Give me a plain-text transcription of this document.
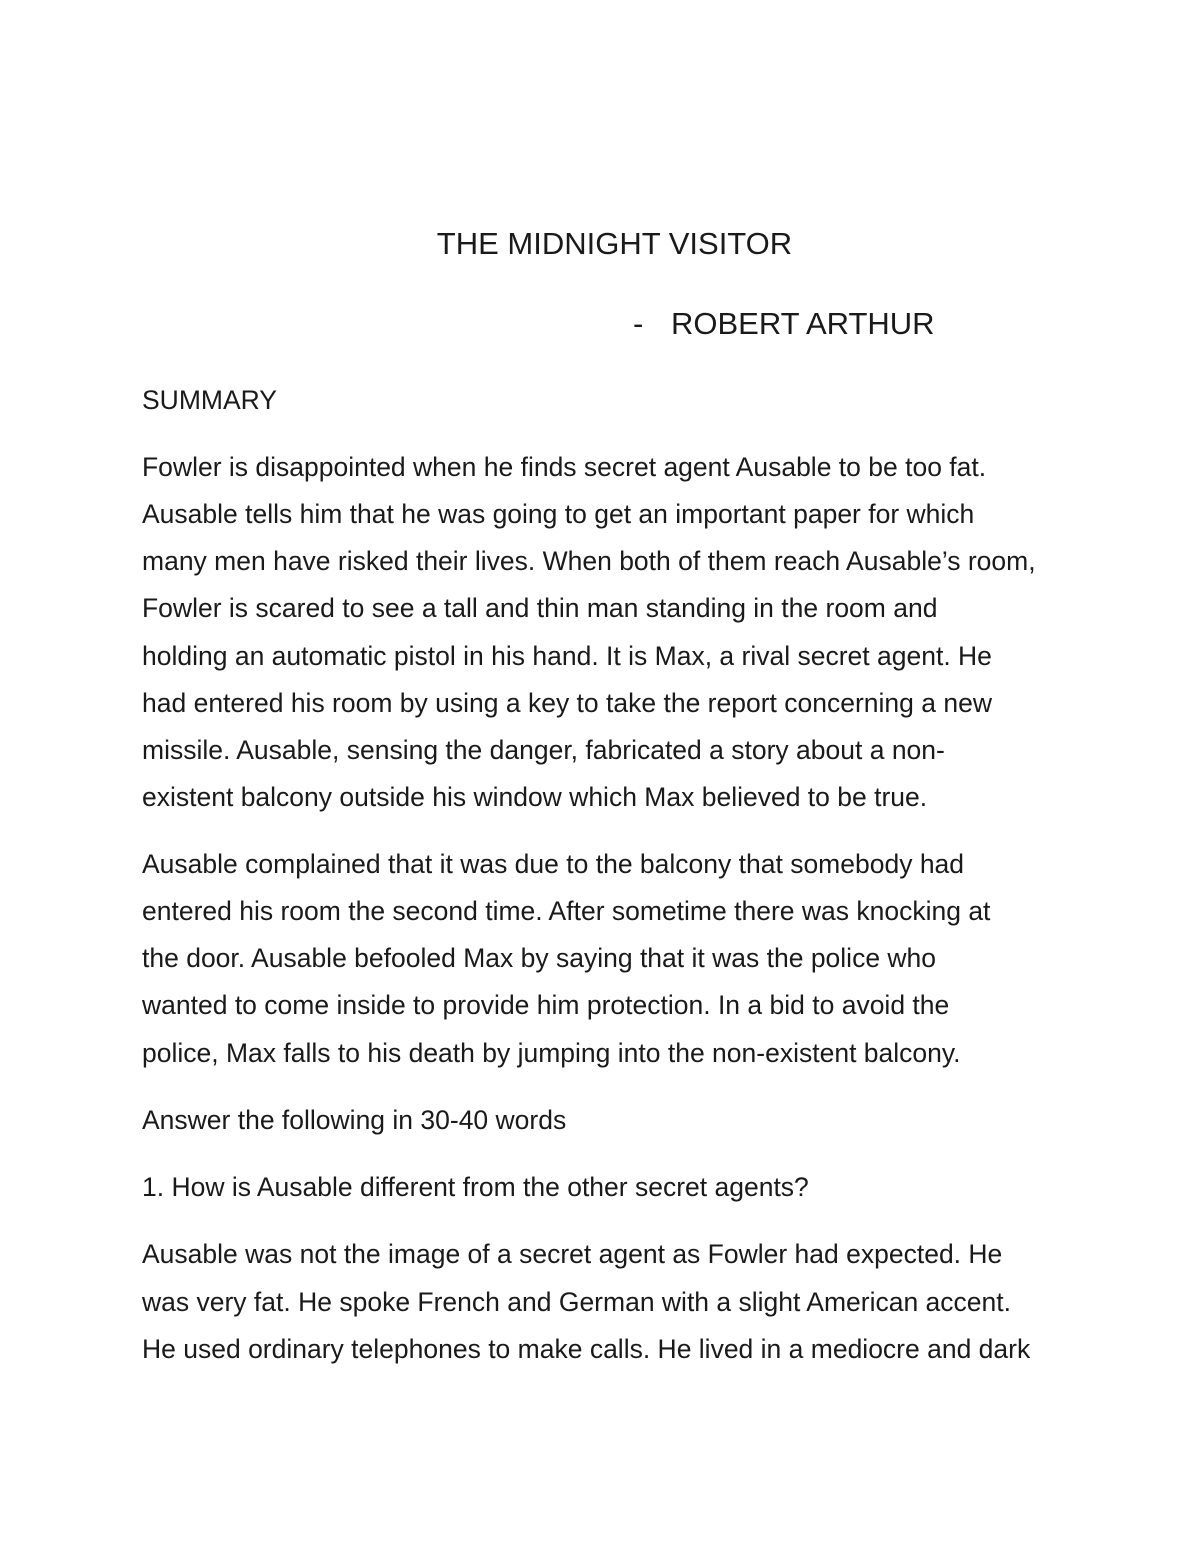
THE MIDNIGHT VISITOR
- ROBERT ARTHUR
SUMMARY
Fowler is disappointed when he finds secret agent Ausable to be too fat.
Ausable tells him that he was going to get an important paper for which
many men have risked their lives. When both of them reach Ausable’s room,
Fowler is scared to see a tall and thin man standing in the room and
holding an automatic pistol in his hand. It is Max, a rival secret agent. He
had entered his room by using a key to take the report concerning a new
missile. Ausable, sensing the danger, fabricated a story about a non-
existent balcony outside his window which Max believed to be true.
Ausable complained that it was due to the balcony that somebody had
entered his room the second time. After sometime there was knocking at
the door. Ausable befooled Max by saying that it was the police who
wanted to come inside to provide him protection. In a bid to avoid the
police, Max falls to his death by jumping into the non-existent balcony.
Answer the following in 30-40 words
1. How is Ausable different from the other secret agents?
Ausable was not the image of a secret agent as Fowler had expected. He
was very fat. He spoke French and German with a slight American accent.
He used ordinary telephones to make calls. He lived in a mediocre and dark
